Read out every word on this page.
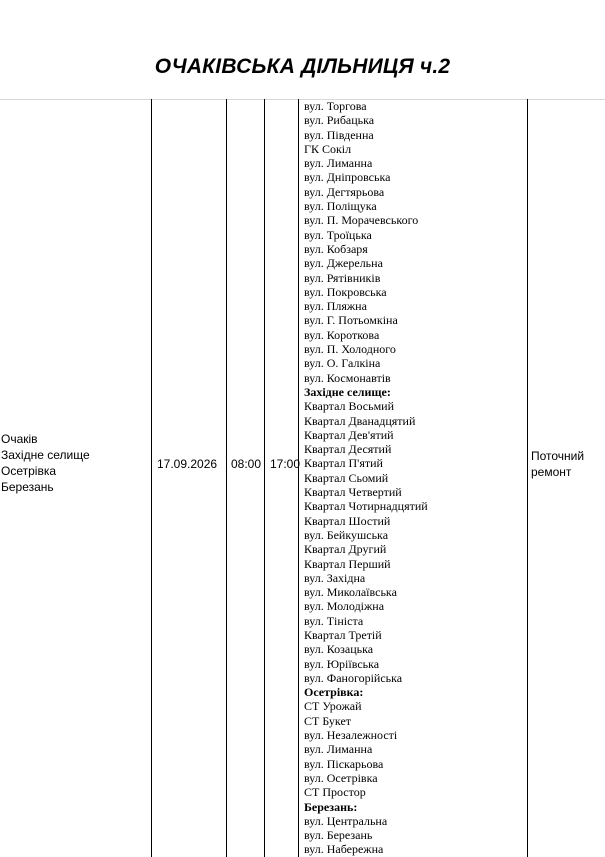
ОЧАКІВСЬКА ДІЛЬНИЦЯ ч.2
Очаків
Західне селище
Осетрівка
Березань
17.09.2026 08:00 17:00
Поточний
ремонт
вул. Торгова
вул. Рибацька
вул. Південна
ГК Сокіл
вул. Лиманна
вул. Дніпровська
вул. Дегтярьова
вул. Поліщука
вул. П. Морачевського
вул. Троїцька
вул. Кобзаря
вул. Джерельна
вул. Рятівників
вул. Покровська
вул. Пляжна
вул. Г. Потьомкіна
вул. Короткова
вул. П. Холодного
вул. О. Галкіна
вул. Космонавтів
Західне селище:
Квартал Восьмий
Квартал Дванадцятий
Квартал Дев'ятий
Квартал Десятий
Квартал П'ятий
Квартал Сьомий
Квартал Четвертий
Квартал Чотирнадцятий
Квартал Шостий
вул. Бейкушська
Квартал Другий
Квартал Перший
вул. Західна
вул. Миколаївська
вул. Молодіжна
вул. Тініста
Квартал Третій
вул. Козацька
вул. Юріївська
вул. Фаногорійська
Осетрівка:
СТ Урожай
СТ Букет
вул. Незалежності
вул. Лиманна
вул. Піскарьова
вул. Осетрівка
СТ Простор
Березань:
вул. Центральна
вул. Березань
вул. Набережна
